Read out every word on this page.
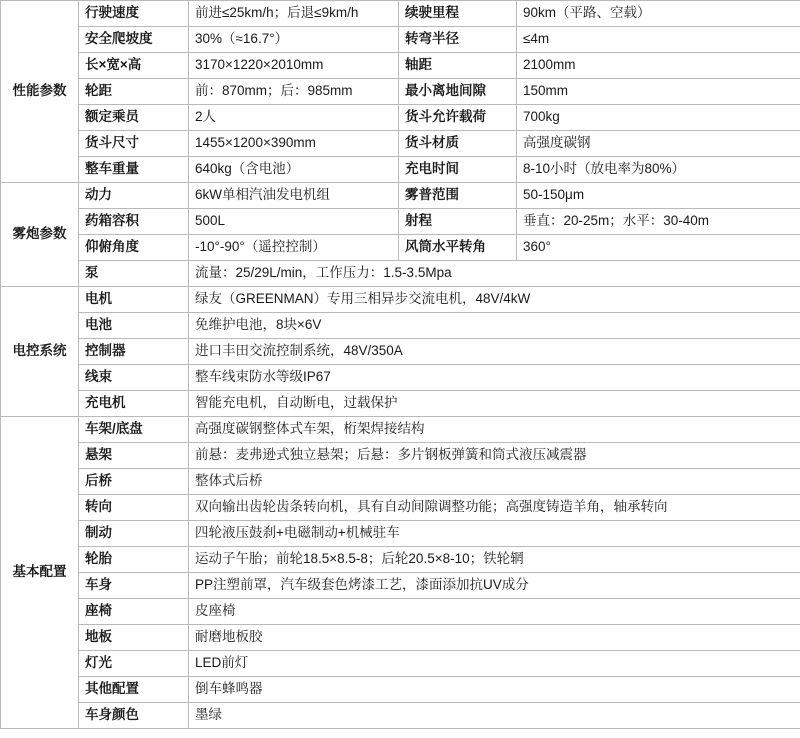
性能参数	行驶速度	前进≤25km/h；后退≤9km/h	续驶里程	90km（平路、空载）
	安全爬坡度	30%（≈16.7°）	转弯半径	≤4m
	长×宽×高	3170×1220×2010mm	轴距	2100mm
	轮距	前：870mm；后：985mm	最小离地间隙	150mm
	额定乘员	2人	货斗允许载荷	700kg
	货斗尺寸	1455×1200×390mm	货斗材质	高强度碳钢
	整车重量	640kg（含电池）	充电时间	8-10小时（放电率为80%）
雾炮参数	动力	6kW单相汽油发电机组	雾普范围	50-150μm
	药箱容积	500L	射程	垂直：20-25m；水平：30-40m
	仰俯角度	-10°-90°（遥控控制）	风筒水平转角	360°
	泵	流量：25/29L/min，工作压力：1.5-3.5Mpa		
电控系统	电机	绿友（GREENMAN）专用三相异步交流电机，48V/4kW		
	电池	免维护电池，8块×6V		
	控制器	进口丰田交流控制系统，48V/350A		
	线束	整车线束防水等级IP67		
	充电机	智能充电机，自动断电，过载保护		
基本配置	车架/底盘	高强度碳钢整体式车架，桁架焊接结构		
	悬架	前悬：麦弗逊式独立悬架；后悬：多片钢板弹簧和筒式液压减震器		
	后桥	整体式后桥		
	转向	双向输出齿轮齿条转向机，具有自动间隙调整功能；高强度铸造羊角，轴承转向		
	制动	四轮液压鼓刹+电磁制动+机械驻车		
	轮胎	运动子午胎；前轮18.5×8.5-8；后轮20.5×8-10；铁轮辋		
	车身	PP注塑前罩，汽车级套色烤漆工艺，漆面添加抗UV成分		
	座椅	皮座椅		
	地板	耐磨地板胶		
	灯光	LED前灯		
	其他配置	倒车蜂鸣器		
	车身颜色	墨绿		
